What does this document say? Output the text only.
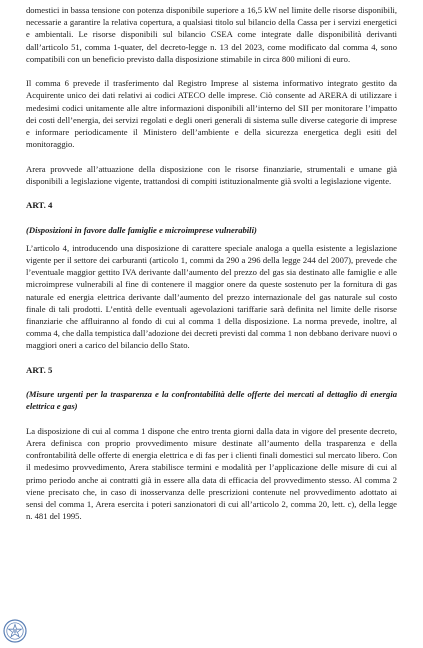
domestici in bassa tensione con potenza disponibile superiore a 16,5 kW nel limite delle risorse disponibili, necessarie a garantire la relativa copertura, a qualsiasi titolo sul bilancio della Cassa per i servizi energetici e ambientali. Le risorse disponibili sul bilancio CSEA come integrate dalle disponibilità derivanti dall’articolo 51, comma 1-quater, del decreto-legge n. 13 del 2023, come modificato dal comma 4, sono compatibili con un beneficio previsto dalla disposizione stimabile in circa 800 milioni di euro.

Il comma 6 prevede il trasferimento dal Registro Imprese al sistema informativo integrato gestito da Acquirente unico dei dati relativi ai codici ATECO delle imprese. Ciò consente ad ARERA di utilizzare i medesimi codici unitamente alle altre informazioni disponibili all’interno del SII per monitorare l’impatto dei costi dell’energia, dei servizi regolati e degli oneri generali di sistema sulle diverse categorie di imprese e informare periodicamente il Ministero dell’ambiente e della sicurezza energetica degli esiti del monitoraggio.

Arera provvede all’attuazione della disposizione con le risorse finanziarie, strumentali e umane già disponibili a legislazione vigente, trattandosi di compiti istituzionalmente già svolti a legislazione vigente.

ART. 4

(Disposizioni in favore dalle famiglie e microimprese vulnerabili)

L’articolo 4, introducendo una disposizione di carattere speciale analoga a quella esistente a legislazione vigente per il settore dei carburanti (articolo 1, commi da 290 a 296 della legge 244 del 2007), prevede che l’eventuale maggior gettito IVA derivante dall’aumento del prezzo del gas sia destinato alle famiglie e alle microimprese vulnerabili al fine di contenere il maggior onere da queste sostenuto per la fornitura di gas naturale ed energia elettrica derivante dall’aumento del prezzo internazionale del gas naturale sul costo finale di tali prodotti. L’entità delle eventuali agevolazioni tariffarie sarà definita nel limite delle risorse finanziarie che affluiranno al fondo di cui al comma 1 della disposizione. La norma prevede, inoltre, al comma 4, che dalla tempistica dall’adozione dei decreti previsti dal comma 1 non debbano derivare nuovi o maggiori oneri a carico del bilancio dello Stato.

ART. 5

(Misure urgenti per la trasparenza e la confrontabilità delle offerte dei mercati al dettaglio di energia elettrica e gas)

La disposizione di cui al comma 1 dispone che entro trenta giorni dalla data in vigore del presente decreto, Arera definisca con proprio provvedimento misure destinate all’aumento della trasparenza e della confrontabilità delle offerte di energia elettrica e di fas per i clienti finali domestici sul mercato libero. Con il medesimo provvedimento, Arera stabilisce termini e modalità per l’applicazione delle misure di cui al primo periodo anche ai contratti già in essere alla data di efficacia del provvedimento stesso. Al comma 2 viene precisato che, in caso di inosservanza delle prescrizioni contenute nel provvedimento adottato ai sensi del comma 1, Arera esercita i poteri sanzionatori di cui all’articolo 2, comma 20, lett. c), della legge n. 481 del 1995.
